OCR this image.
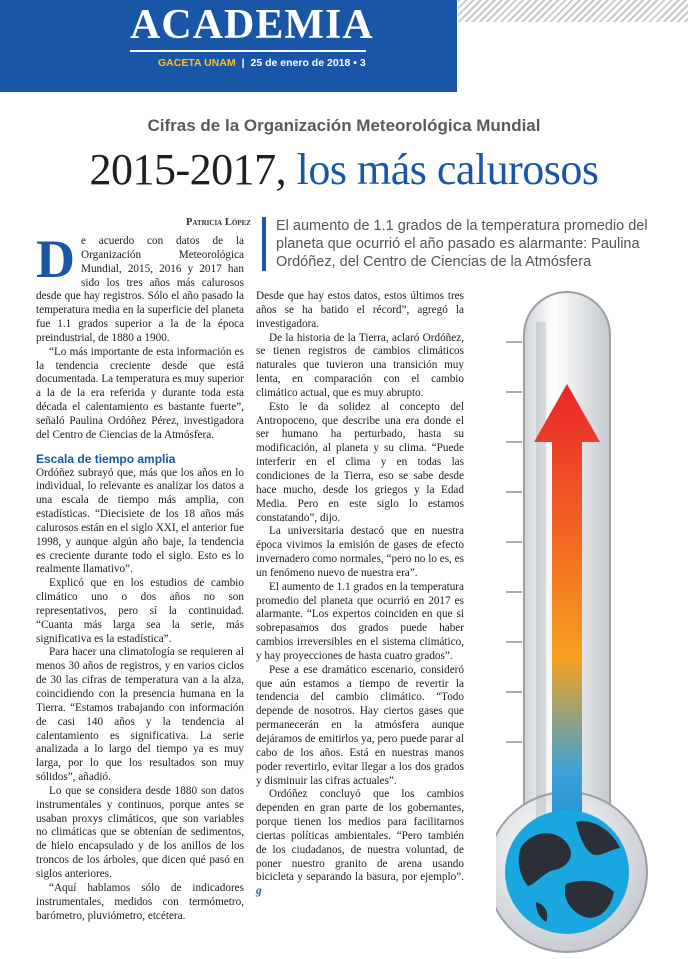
ACADEMIA
GACETA UNAM | 25 de enero de 2018 • 3
Cifras de la Organización Meteorológica Mundial
2015-2017, los más calurosos
Patricia López	El aumento de 1.1 grados de la temperatura promedio del planeta que ocurrió el año pasado es alarmante: Paulina Ordóñez, del Centro de Ciencias de la Atmósfera

De acuerdo con datos de la Organización Meteorológica Mundial, 2015, 2016 y 2017 han sido los tres años más calurosos desde que hay registros. Sólo el año pasado la temperatura media en la superficie del planeta fue 1.1 grados superior a la de la época preindustrial, de 1880 a 1900.

“Lo más importante de esta información es la tendencia creciente desde que está documentada. La temperatura es muy superior a la de la era referida y durante toda esta década el calentamiento es bastante fuerte”, señaló Paulina Ordóñez Pérez, investigadora del Centro de Ciencias de la Atmósfera.

Escala de tiempo amplia

Ordóñez subrayó que, más que los años en lo individual, lo relevante es analizar los datos a una escala de tiempo más amplia, con estadísticas. “Diecisiete de los 18 años más calurosos están en el siglo XXI, el anterior fue 1998, y aunque algún año baje, la tendencia es creciente durante todo el siglo. Esto es lo realmente llamativo”.

Explicó que en los estudios de cambio climático uno o dos años no son representativos, pero sí la continuidad. “Cuanta más larga sea la serie, más significativa es la estadística”.

Para hacer una climatología se requieren al menos 30 años de registros, y en varios ciclos de 30 las cifras de temperatura van a la alza, coincidiendo con la presencia humana en la Tierra. “Estamos trabajando con información de casi 140 años y la tendencia al calentamiento es significativa. La serie analizada a lo largo del tiempo ya es muy larga, por lo que los resultados son muy sólidos”, añadió.

Lo que se considera desde 1880 son datos instrumentales y continuos, porque antes se usaban proxys climáticos, que son variables no climáticas que se obtenían de sedimentos, de hielo encapsulado y de los anillos de los troncos de los árboles, que dicen qué pasó en siglos anteriores.

“Aquí hablamos sólo de indicadores instrumentales, medidos con termómetro, barómetro, pluviómetro, etcétera.

Desde que hay estos datos, estos últimos tres años se ha batido el récord”, agregó la investigadora.

De la historia de la Tierra, aclaró Ordóñez, se tienen registros de cambios climáticos naturales que tuvieron una transición muy lenta, en comparación con el cambio climático actual, que es muy abrupto.

Esto le da solidez al concepto del Antropoceno, que describe una era donde el ser humano ha perturbado, hasta su modificación, al planeta y su clima. “Puede interferir en el clima y en todas las condiciones de la Tierra, eso se sabe desde hace mucho, desde los griegos y la Edad Media. Pero en este siglo lo estamos constatando”, dijo.

La universitaria destacó que en nuestra época vivimos la emisión de gases de efecto invernadero como normales, “pero no lo es, es un fenómeno nuevo de nuestra era”.

El aumento de 1.1 grados en la temperatura promedio del planeta que ocurrió en 2017 es alarmante. “Los expertos coinciden en que si sobrepasamos dos grados puede haber cambios irreversibles en el sistema climático, y hay proyecciones de hasta cuatro grados”.

Pese a ese dramático escenario, consideró que aún estamos a tiempo de revertir la tendencia del cambio climático. “Todo depende de nosotros. Hay ciertos gases que permanecerán en la atmósfera aunque dejáramos de emitirlos ya, pero puede parar al cabo de los años. Está en nuestras manos poder revertirlo, evitar llegar a los dos grados y disminuir las cifras actuales”.

Ordóñez concluyó que los cambios dependen en gran parte de los gobernantes, porque tienen los medios para facilitarnos ciertas políticas ambientales. “Pero también de los ciudadanos, de nuestra voluntad, de poner nuestro granito de arena usando bicicleta y separando la basura, por ejemplo”. g
